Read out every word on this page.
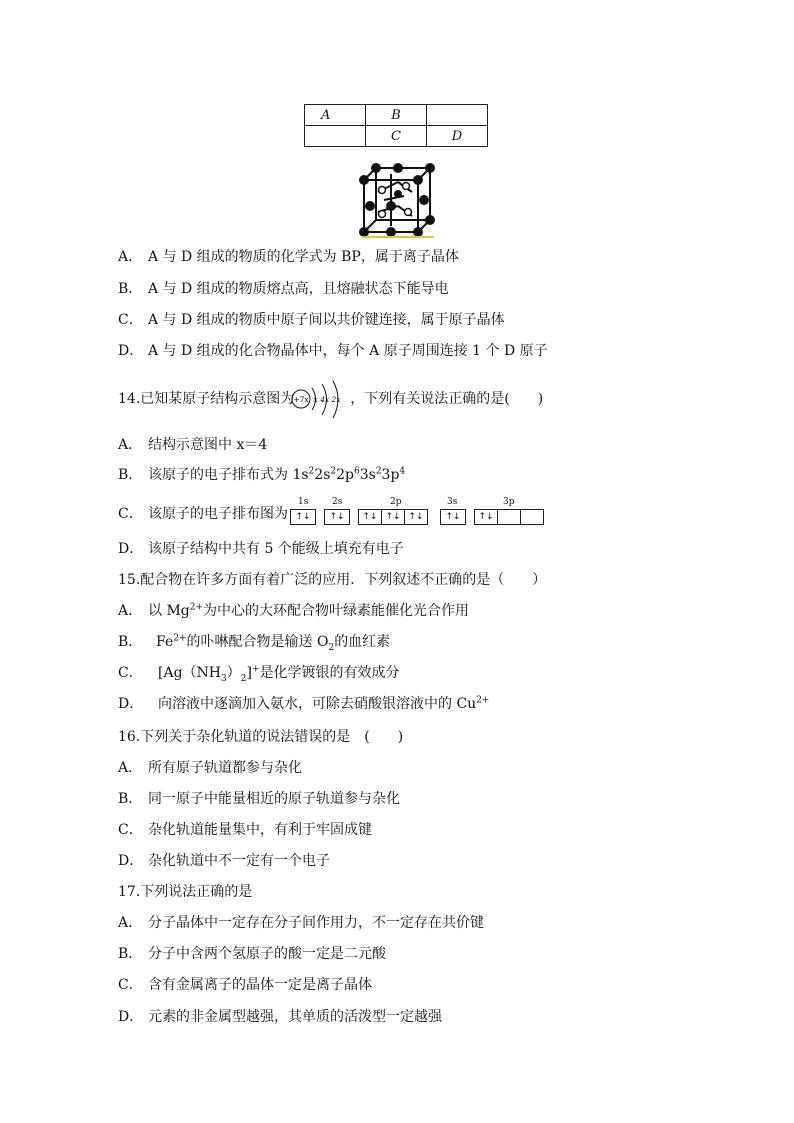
A	B	
	C	D
A． A 与 D 组成的物质的化学式为 BP，属于离子晶体
B． A 与 D 组成的物质熔点高，且熔融状态下能导电
C． A 与 D 组成的物质中原子间以共价键连接，属于原子晶体
D． A 与 D 组成的化合物晶体中，每个 A 原子周围连接 1 个 D 原子
14.已知某原子结构示意图为	，下列有关说法正确的是(　　)
+7x x 4x 2x
A． 结构示意图中 x＝4
B． 该原子的电子排布式为 $1s^22s^22p^63s^23p^4$
C． 该原子的电子排布图为
1s
↑↓
2s
↑↓
2p
↑↓ ↑↓ ↑↓
3s
↑↓
3p
↑↓
D． 该原子结构中共有 5 个能级上填充有电子
15.配合物在许多方面有着广泛的应用．下列叙述不正确的是（　　）
A． 以 $Mg^{2+}$为中心的大环配合物叶绿素能催化光合作用
B． $Fe^{2+}$的卟啉配合物是输送 $O_2$的血红素
C． $[Ag(NH_3)_2]^+$是化学镀银的有效成分
D． 向溶液中逐滴加入氨水，可除去硝酸银溶液中的 $Cu^{2+}$
16.下列关于杂化轨道的说法错误的是　(　　)
A． 所有原子轨道都参与杂化
B． 同一原子中能量相近的原子轨道参与杂化
C． 杂化轨道能量集中，有利于牢固成键
D． 杂化轨道中不一定有一个电子
17.下列说法正确的是
A． 分子晶体中一定存在分子间作用力，不一定存在共价键
B． 分子中含两个氢原子的酸一定是二元酸
C． 含有金属离子的晶体一定是离子晶体
D． 元素的非金属型越强，其单质的活泼型一定越强
